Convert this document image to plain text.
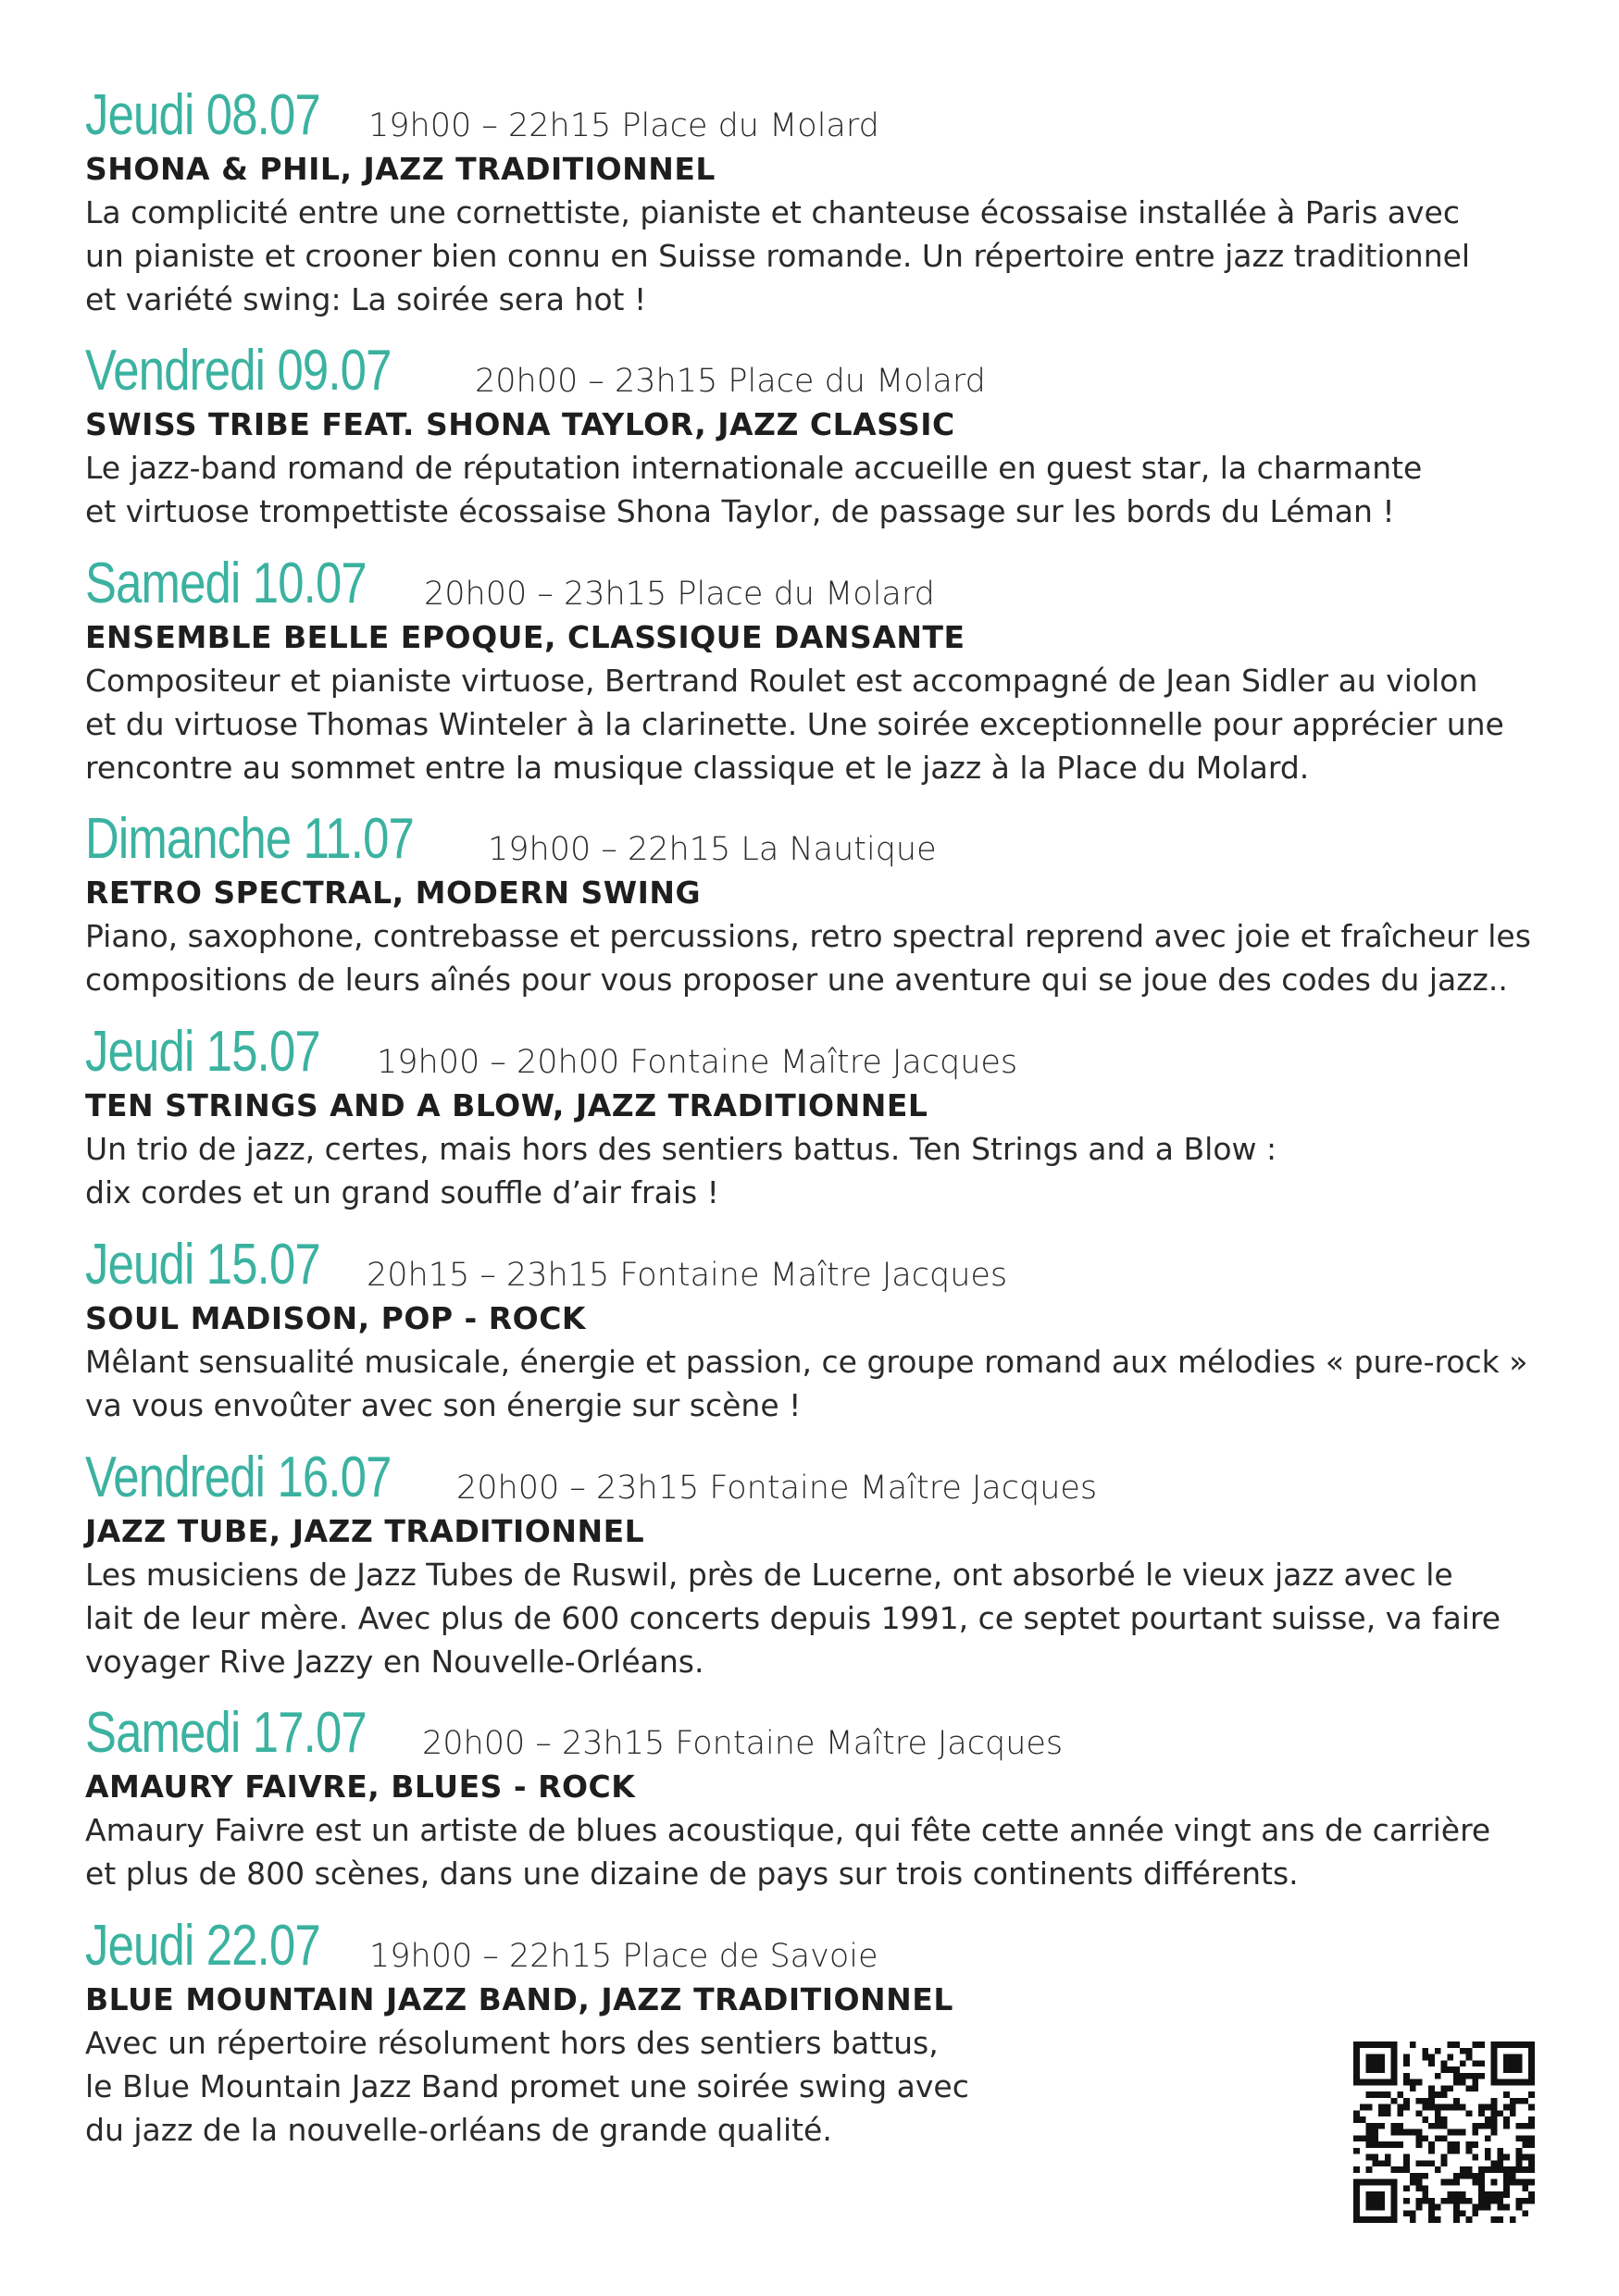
Jeudi 08.07 19h00 – 22h15 Place du Molard
SHONA & PHIL, JAZZ TRADITIONNEL

La complicité entre une cornettiste, pianiste et chanteuse écossaise installée à Paris avec
un pianiste et crooner bien connu en Suisse romande. Un répertoire entre jazz traditionnel
et variété swing: La soirée sera hot !

Vendredi 09.07	20h00 – 23h15 Place du Molard
SWISS TRIBE FEAT. SHONA TAYLOR, JAZZ CLASSIC

Le jazz-band romand de réputation internationale accueille en guest star, la charmante
et virtuose trompettiste écossaise Shona Taylor, de passage sur les bords du Léman !

Samedi 10.07 20h00 – 23h15 Place du Molard
ENSEMBLE BELLE EPOQUE, CLASSIQUE DANSANTE

Compositeur et pianiste virtuose, Bertrand Roulet est accompagné de Jean Sidler au violon
et du virtuose Thomas Winteler à la clarinette. Une soirée exceptionnelle pour apprécier une
rencontre au sommet entre la musique classique et le jazz à la Place du Molard.

Dimanche 11.07 19h00 – 22h15 La Nautique
RETRO SPECTRAL, MODERN SWING

Piano, saxophone, contrebasse et percussions, retro spectral reprend avec joie et fraîcheur les
compositions de leurs aînés pour vous proposer une aventure qui se joue des codes du jazz..

Jeudi 15.07 19h00 – 20h00 Fontaine Maître Jacques
TEN STRINGS AND A BLOW, JAZZ TRADITIONNEL

Un trio de jazz, certes, mais hors des sentiers battus. Ten Strings and a Blow :
dix cordes et un grand souffle d’air frais !

Jeudi 15.07 20h15 – 23h15 Fontaine Maître Jacques
SOUL MADISON, POP - ROCK

Mêlant sensualité musicale, énergie et passion, ce groupe romand aux mélodies « pure-rock »
va vous envoûter avec son énergie sur scène !

Vendredi 16.07 20h00 – 23h15 Fontaine Maître Jacques
JAZZ TUBE, JAZZ TRADITIONNEL

Les musiciens de Jazz Tubes de Ruswil, près de Lucerne, ont absorbé le vieux jazz avec le
lait de leur mère. Avec plus de 600 concerts depuis 1991, ce septet pourtant suisse, va faire
voyager Rive Jazzy en Nouvelle-Orléans.

Samedi 17.07 20h00 – 23h15 Fontaine Maître Jacques
AMAURY FAIVRE, BLUES - ROCK

Amaury Faivre est un artiste de blues acoustique, qui fête cette année vingt ans de carrière
et plus de 800 scènes, dans une dizaine de pays sur trois continents différents.

Jeudi 22.07 19h00 – 22h15 Place de Savoie
BLUE MOUNTAIN JAZZ BAND, JAZZ TRADITIONNEL

Avec un répertoire résolument hors des sentiers battus,
le Blue Mountain Jazz Band promet une soirée swing avec
du jazz de la nouvelle-orléans de grande qualité.
